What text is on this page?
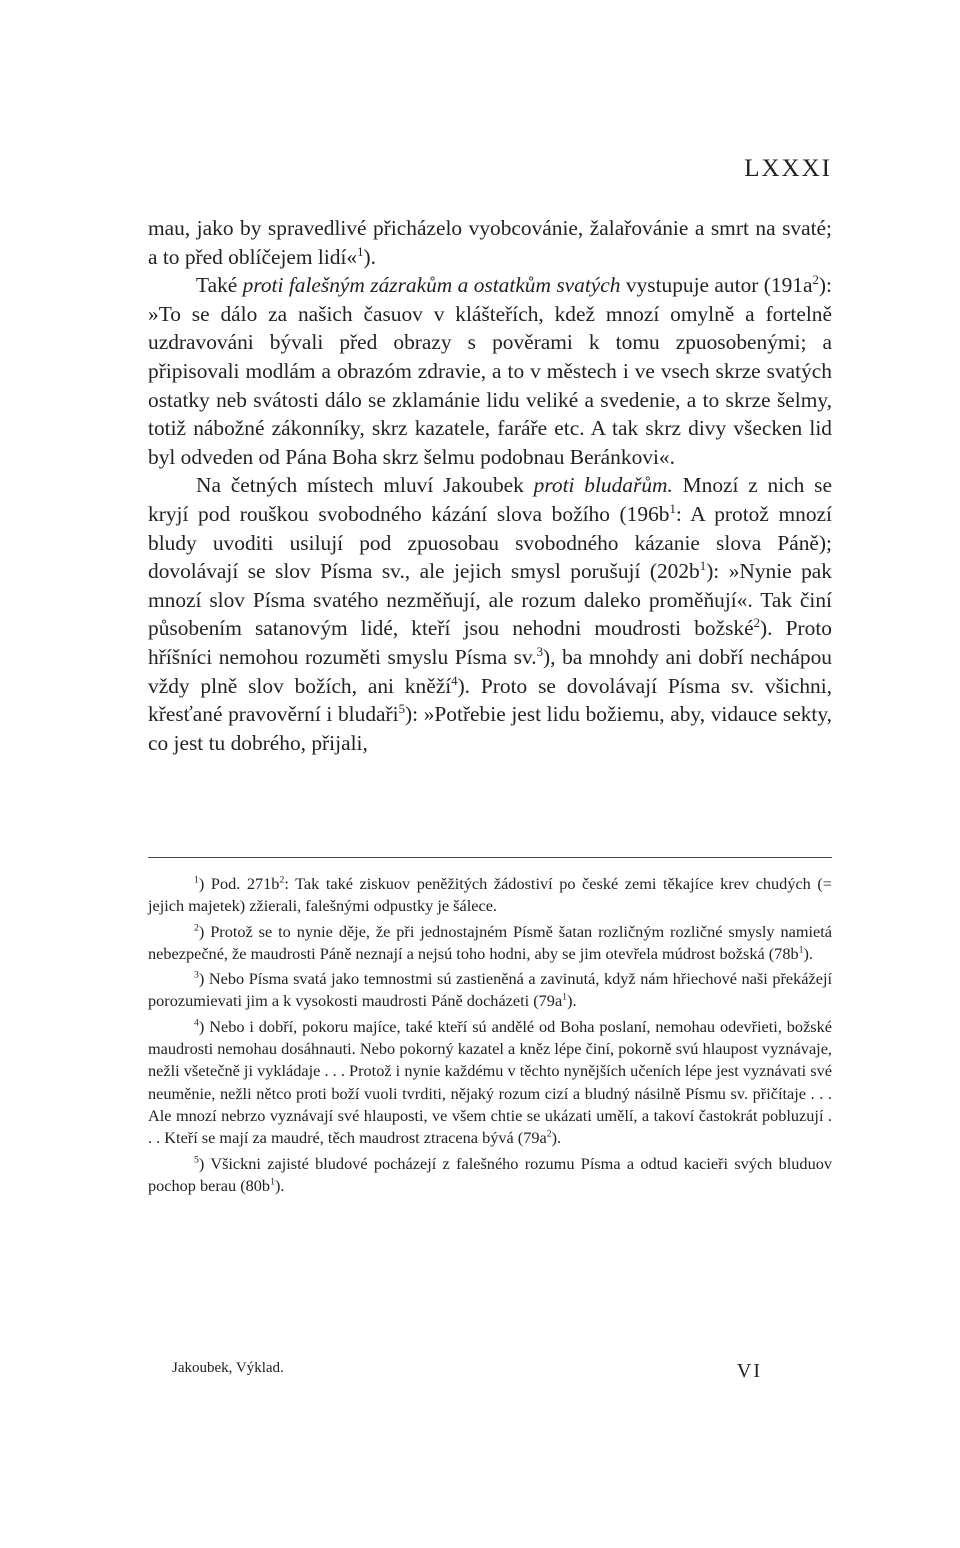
LXXXI

mau, jako by spravedlivé přicházelo vyobcovánie, žalařovánie a smrt na svaté; a to před oblíčejem lidí«$^1$).

Také proti falešným zázrakům a ostatkům svatých vystupuje autor $(191a^2)$: »To se dálo za našich časuov v klášteřích, kdež mnozí omylně a fortelně uzdravováni bývali před obrazy s pověrami k tomu zpuosobenými; a připisovali modlám a obrazóm zdravie, a to v městech i ve vsech skrze svatých ostatky neb svátosti dálo se zklamánie lidu veliké a svedenie, a to skrze šelmy, totiž nábožné zákonníky, skrz kazatele, faráře etc. A tak skrz divy všecken lid byl odveden od Pána Boha skrz šelmu podobnau Beránkovi«.

Na četných místech mluví Jakoubek proti bludařům. Mnozí z nich se kryjí pod rouškou svobodného kázání slova božího ($196b^1$: A protož mnozí bludy uvoditi usilují pod zpuosobau svobodného kázanie slova Páně); dovolávají se slov Písma sv., ale jejich smysl porušují $(202b^1)$: »Nynie pak mnozí slov Písma svatého nezměňují, ale rozum daleko proměňují«. Tak činí působením satanovým lidé, kteří jsou nehodni moudrosti božské$^2$). Proto hříšníci nemohou rozuměti smyslu Písma sv.$^3$), ba mnohdy ani dobří nechápou vždy plně slov božích, ani kněží$^4$). Proto se dovolávají Písma sv. všichni, křesťané pravověrní i bludaři$^5$): »Potřebie jest lidu božiemu, aby, vidauce sekty, co jest tu dobrého, přijali,

$^1$) Pod. $271b^2$: Tak také ziskuov peněžitých žádostiví po české zemi těkajíce krev chudých (= jejich majetek) zžierali, falešnými odpustky je šálece.

$^2$) Protož se to nynie děje, že při jednostajném Písmě šatan rozličným rozličné smysly namietá nebezpečné, že maudrosti Páně neznají a nejsú toho hodni, aby se jim otevřela múdrost božská $(78b^1)$.

$^3$) Nebo Písma svatá jako temnostmi sú zastieněná a zavinutá, když nám hřiechové naši překážejí porozumievati jim a k vysokosti maudrosti Páně docházeti $(79a^1)$.

$^4$) Nebo i dobří, pokoru majíce, také kteří sú andělé od Boha poslaní, nemohau odevřieti, božské maudrosti nemohau dosáhnauti. Nebo pokorný kazatel a kněz lépe činí, pokorně svú hlaupost vyznávaje, nežli všetečně ji vykládaje . . . Protož i nynie každému v těchto nynějších učeních lépe jest vyznávati své neuměnie, nežli nětco proti boží vuoli tvrditi, nějaký rozum cizí a bludný násilně Písmu sv. přičítaje . . . Ale mnozí nebrzo vyznávají své hlauposti, ve všem chtie se ukázati umělí, a takoví častokrát pobluzují . . . Kteří se mají za maudré, těch maudrost ztracena bývá $(79a^2)$.

$^5$) Všickni zajisté bludové pocházejí z falešného rozumu Písma a odtud kacieři svých bluduov pochop berau $(80b^1)$.

Jakoubek, Výklad.	VI
